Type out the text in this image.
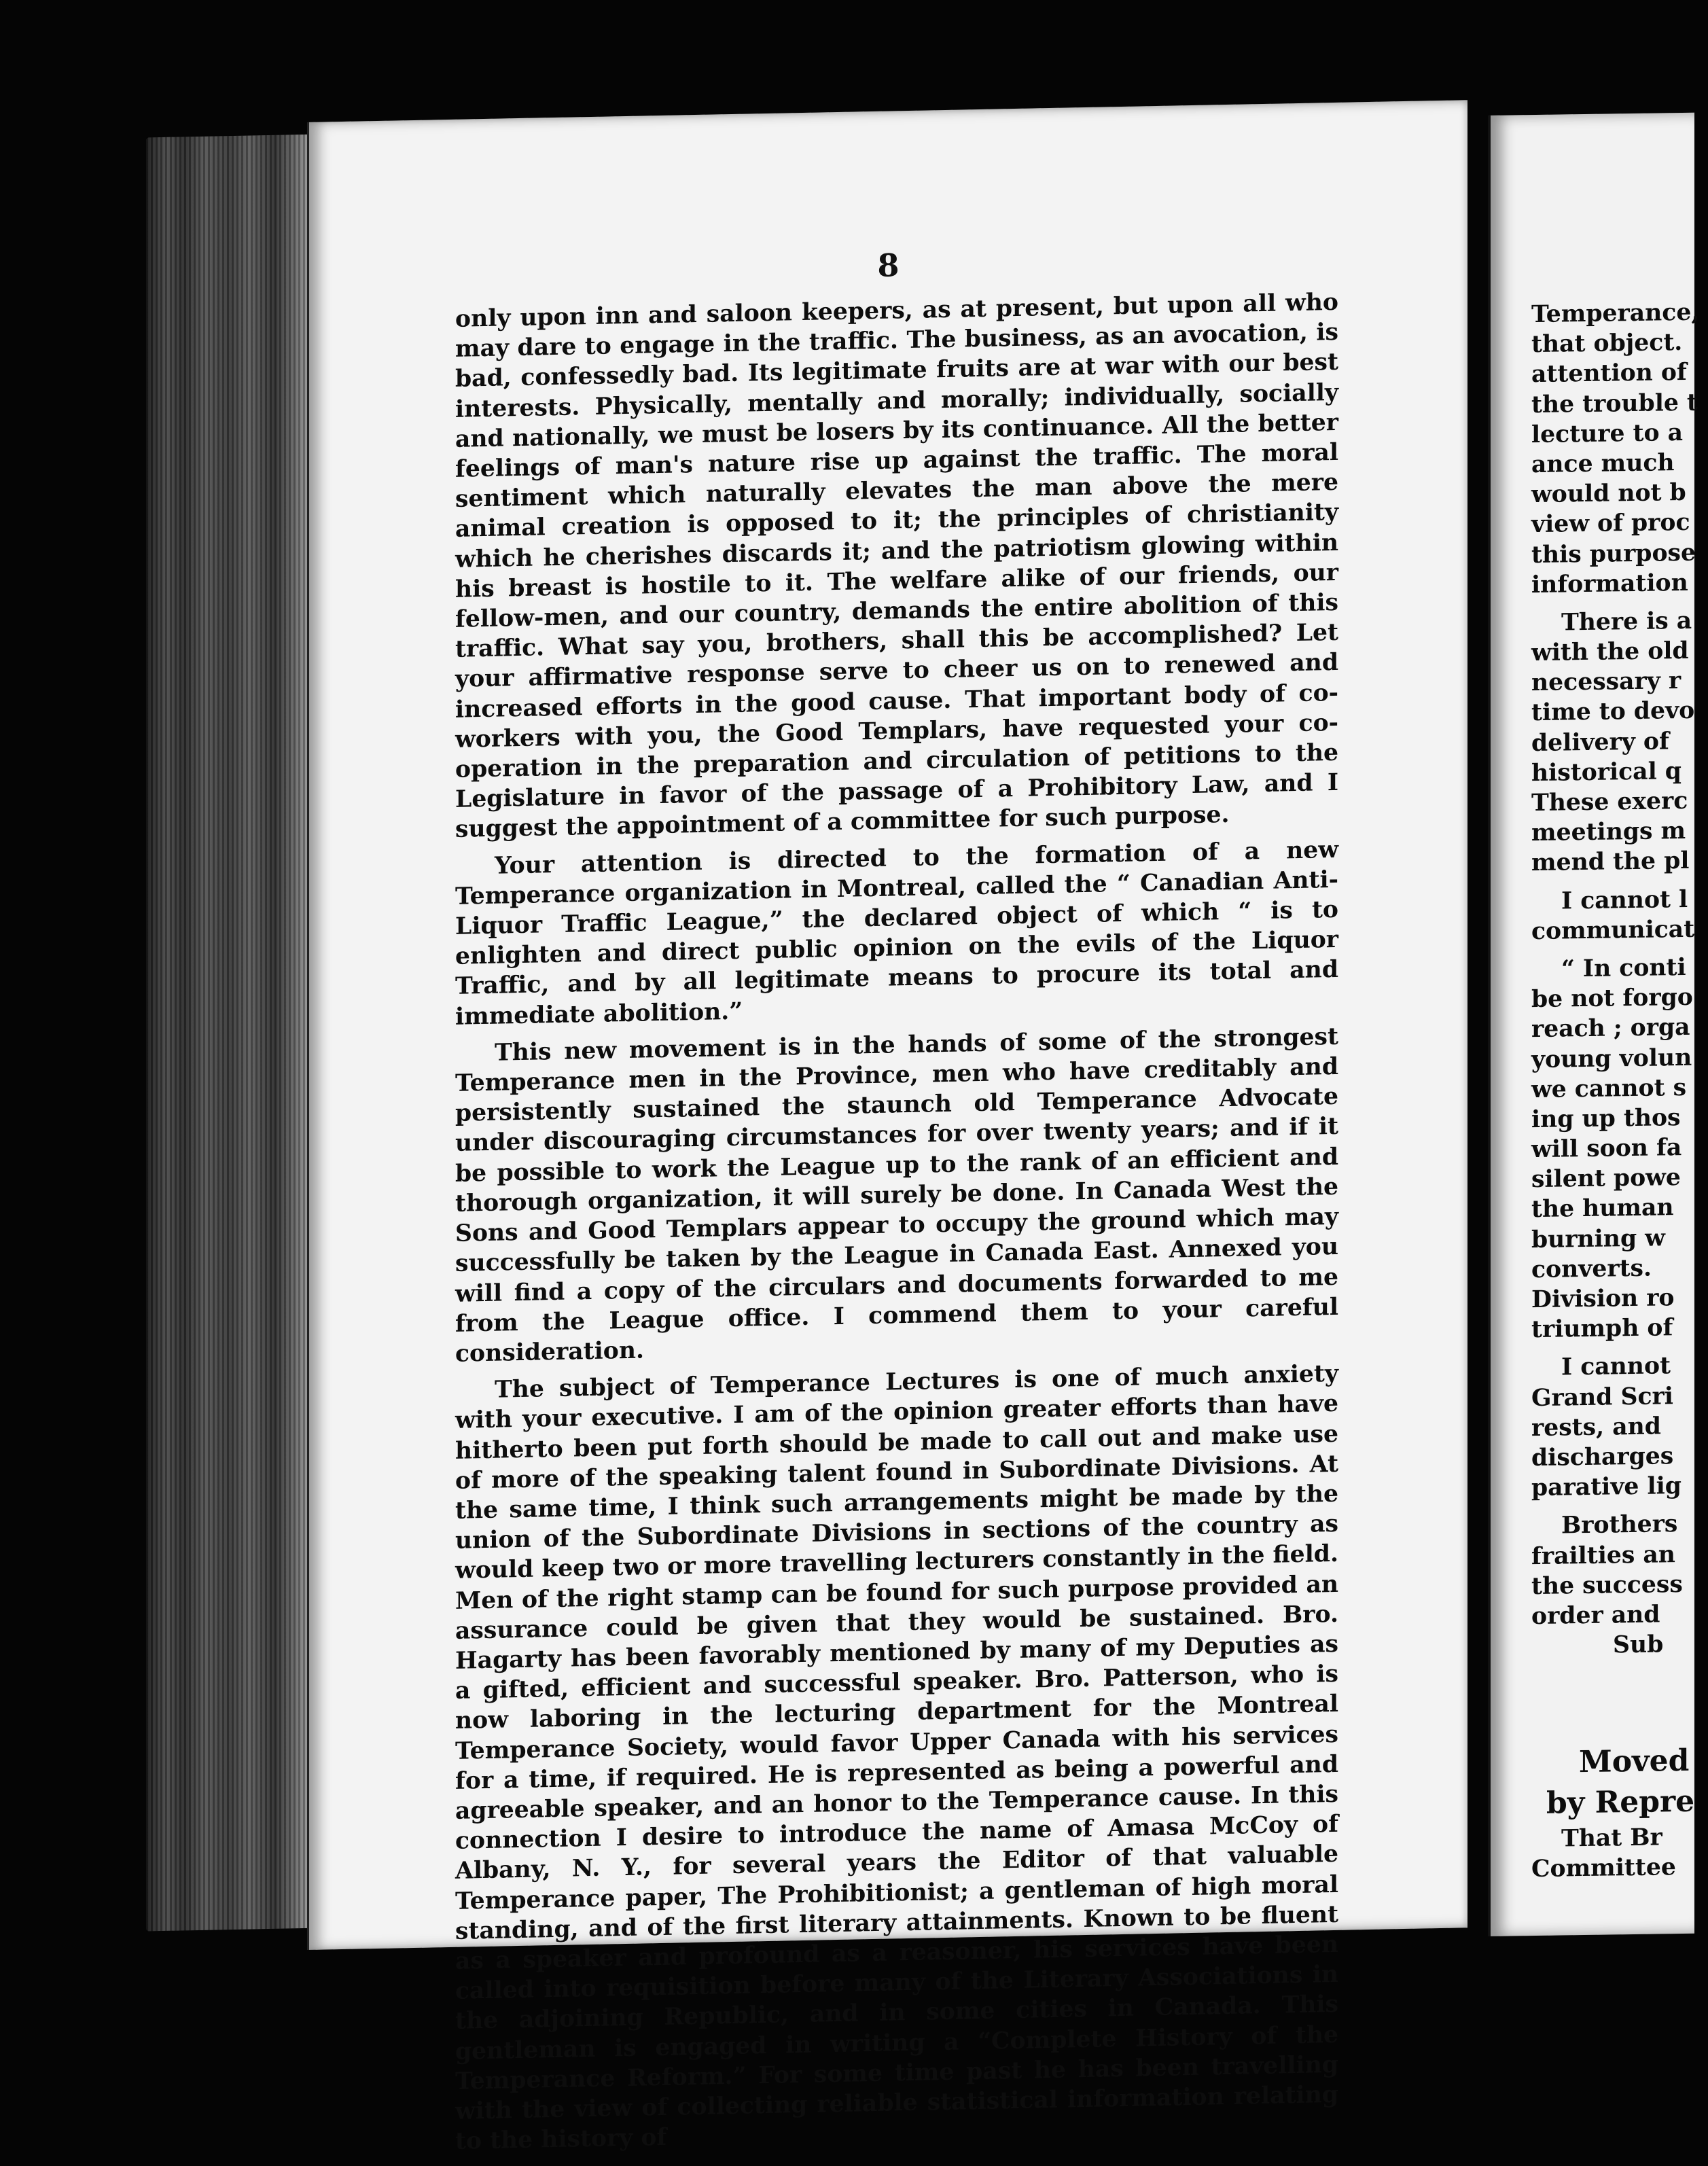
8

only upon inn and saloon keepers, as at present, but upon all who may dare to engage in the traffic. The business, as an avocation, is bad, confessedly bad. Its legitimate fruits are at war with our best interests. Physically, mentally and morally; individually, socially and nationally, we must be losers by its continuance. All the better feelings of man's nature rise up against the traffic. The moral sentiment which naturally elevates the man above the mere animal creation is opposed to it; the principles of christianity which he cherishes discards it; and the patriotism glowing within his breast is hostile to it. The welfare alike of our friends, our fellow-men, and our country, demands the entire abolition of this traffic. What say you, brothers, shall this be accomplished? Let your affirmative response serve to cheer us on to renewed and increased efforts in the good cause. That important body of co-workers with you, the Good Templars, have requested your co-operation in the preparation and circulation of petitions to the Legislature in favor of the passage of a Prohibitory Law, and I suggest the appointment of a committee for such purpose.

Your attention is directed to the formation of a new Temperance organization in Montreal, called the “ Canadian Anti-Liquor Traffic League,” the declared object of which “ is to enlighten and direct public opinion on the evils of the Liquor Traffic, and by all legitimate means to procure its total and immediate abolition.”

This new movement is in the hands of some of the strongest Temperance men in the Province, men who have creditably and persistently sustained the staunch old Temperance Advocate under discouraging circumstances for over twenty years; and if it be possible to work the League up to the rank of an efficient and thorough organization, it will surely be done. In Canada West the Sons and Good Templars appear to occupy the ground which may successfully be taken by the League in Canada East. Annexed you will find a copy of the circulars and documents forwarded to me from the League office. I commend them to your careful consideration.

The subject of Temperance Lectures is one of much anxiety with your executive. I am of the opinion greater efforts than have hitherto been put forth should be made to call out and make use of more of the speaking talent found in Subordinate Divisions. At the same time, I think such arrangements might be made by the union of the Subordinate Divisions in sections of the country as would keep two or more travelling lecturers constantly in the field. Men of the right stamp can be found for such purpose provided an assurance could be given that they would be sustained. Bro. Hagarty has been favorably mentioned by many of my Deputies as a gifted, efficient and successful speaker. Bro. Patterson, who is now laboring in the lecturing department for the Montreal Temperance Society, would favor Upper Canada with his services for a time, if required. He is represented as being a powerful and agreeable speaker, and an honor to the Temperance cause. In this connection I desire to introduce the name of Amasa McCoy of Albany, N. Y., for several years the Editor of that valuable Temperance paper, The Prohibitionist; a gentleman of high moral standing, and of the first literary attainments. Known to be fluent as a speaker and profound as a reasoner, his services have been called into requisition before many of the Literary Associations in the adjoining Republic, and in some cities in Canada. This gentleman is engaged in writing a “Complete History of the Temperance Reform.” For some time past he has been travelling with the view of collecting reliable statistical information relating to the history of

Temperance,
that object.
attention of
the trouble t
lecture to a
ance much
would not b
view of proc
this purpose
information
There is a
with the old
necessary r
time to devo
delivery of
historical q
These exerc
meetings m
mend the pl
I cannot l
communicat
“ In conti
be not forgo
reach ; orga
young volun
we cannot s
ing up thos
will soon fa
silent powe
the human
burning w
converts.
Division ro
triumph of
I cannot
Grand Scri
rests, and
discharges
parative lig
Brothers
frailties an
the success
order and
Sub
Moved
by Repre
That Br
Committee
